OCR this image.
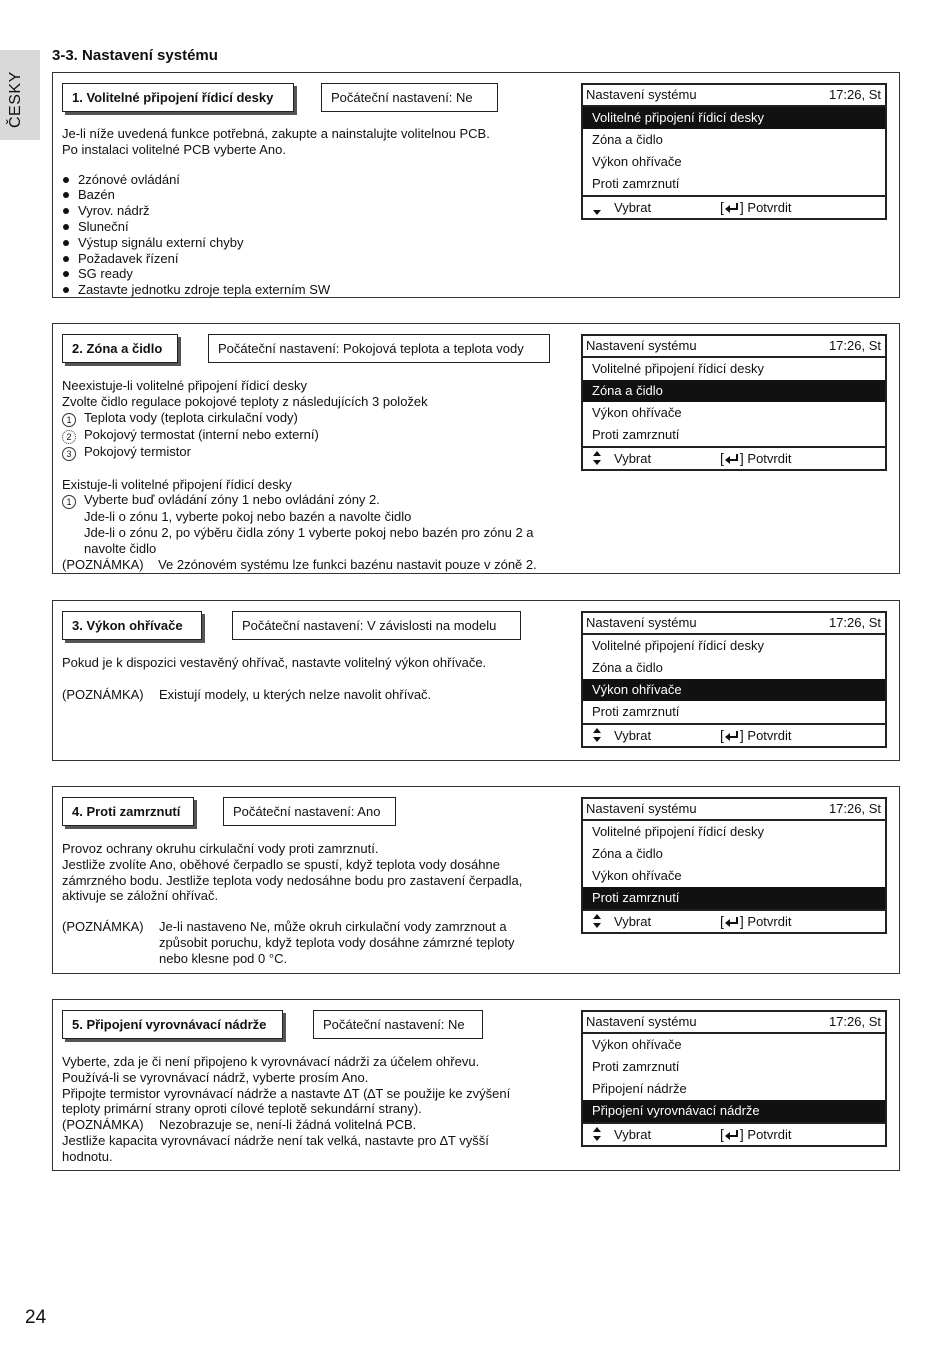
ČESKY
3-3. Nastavení systému
1. Volitelné připojení řídicí desky	Počáteční nastavení: Ne

Je-li níže uvedená funkce potřebná, zakupte a nainstalujte volitelnou PCB.

Po instalaci volitelné PCB vyberte Ano.

2zónové ovládání
Bazén
Vyrov. nádrž
Sluneční
Výstup signálu externí chyby
Požadavek řízení
SG ready
Zastavte jednotku zdroje tepla externím SW
Nastavení systému	17:26, St
Volitelné připojení řídicí desky
Zóna a čidlo
Výkon ohřívače
Proti zamrznutí
Vybrat	[ ] Potvrdit
2. Zóna a čidlo	Počáteční nastavení: Pokojová teplota a teplota vody

Neexistuje-li volitelné připojení řídicí desky

Zvolte čidlo regulace pokojové teploty z následujících 3 položek

1 Teplota vody (teplota cirkulační vody)

2 Pokojový termostat (interní nebo externí)

3 Pokojový termistor

Existuje-li volitelné připojení řídicí desky

1 Vyberte buď ovládání zóny 1 nebo ovládání zóny 2.

Jde-li o zónu 1, vyberte pokoj nebo bazén a navolte čidlo

Jde-li o zónu 2, po výběru čidla zóny 1 vyberte pokoj nebo bazén pro zónu 2 a

navolte čidlo

(POZNÁMKA) Ve 2zónovém systému lze funkci bazénu nastavit pouze v zóně 2.

Nastavení systému	17:26, St
Volitelné připojení řídicí desky
Zóna a čidlo
Výkon ohřívače
Proti zamrznutí
Vybrat	[ ] Potvrdit
3. Výkon ohřívače	Počáteční nastavení: V závislosti na modelu

Pokud je k dispozici vestavěný ohřívač, nastavte volitelný výkon ohřívače.

(POZNÁMKA)	Existují modely, u kterých nelze navolit ohřívač.
Nastavení systému	17:26, St
Volitelné připojení řídicí desky
Zóna a čidlo
Výkon ohřívače
Proti zamrznutí
Vybrat	[ ] Potvrdit
4. Proti zamrznutí	Počáteční nastavení: Ano

Provoz ochrany okruhu cirkulační vody proti zamrznutí.

Jestliže zvolíte Ano, oběhové čerpadlo se spustí, když teplota vody dosáhne

zámrzného bodu. Jestliže teplota vody nedosáhne bodu pro zastavení čerpadla,

aktivuje se záložní ohřívač.

(POZNÁMKA)	Je-li nastaveno Ne, může okruh cirkulační vody zamrznout a
způsobit poruchu, když teplota vody dosáhne zámrzné teploty
nebo klesne pod 0 °C.
Nastavení systému	17:26, St
Volitelné připojení řídicí desky
Zóna a čidlo
Výkon ohřívače
Proti zamrznutí
Vybrat	[ ] Potvrdit
5. Připojení vyrovnávací nádrže	Počáteční nastavení: Ne

Vyberte, zda je či není připojeno k vyrovnávací nádrži za účelem ohřevu.

Používá-li se vyrovnávací nádrž, vyberte prosím Ano.

Připojte termistor vyrovnávací nádrže a nastavte ∆T (∆T se použije ke zvýšení

teploty primární strany oproti cílové teplotě sekundární strany).

(POZNÁMKA)	Nezobrazuje se, není-li žádná volitelná PCB.

Jestliže kapacita vyrovnávací nádrže není tak velká, nastavte pro ∆T vyšší

hodnotu.

Nastavení systému	17:26, St
Výkon ohřívače
Proti zamrznutí
Připojení nádrže
Připojení vyrovnávací nádrže
Vybrat	[ ] Potvrdit
24
